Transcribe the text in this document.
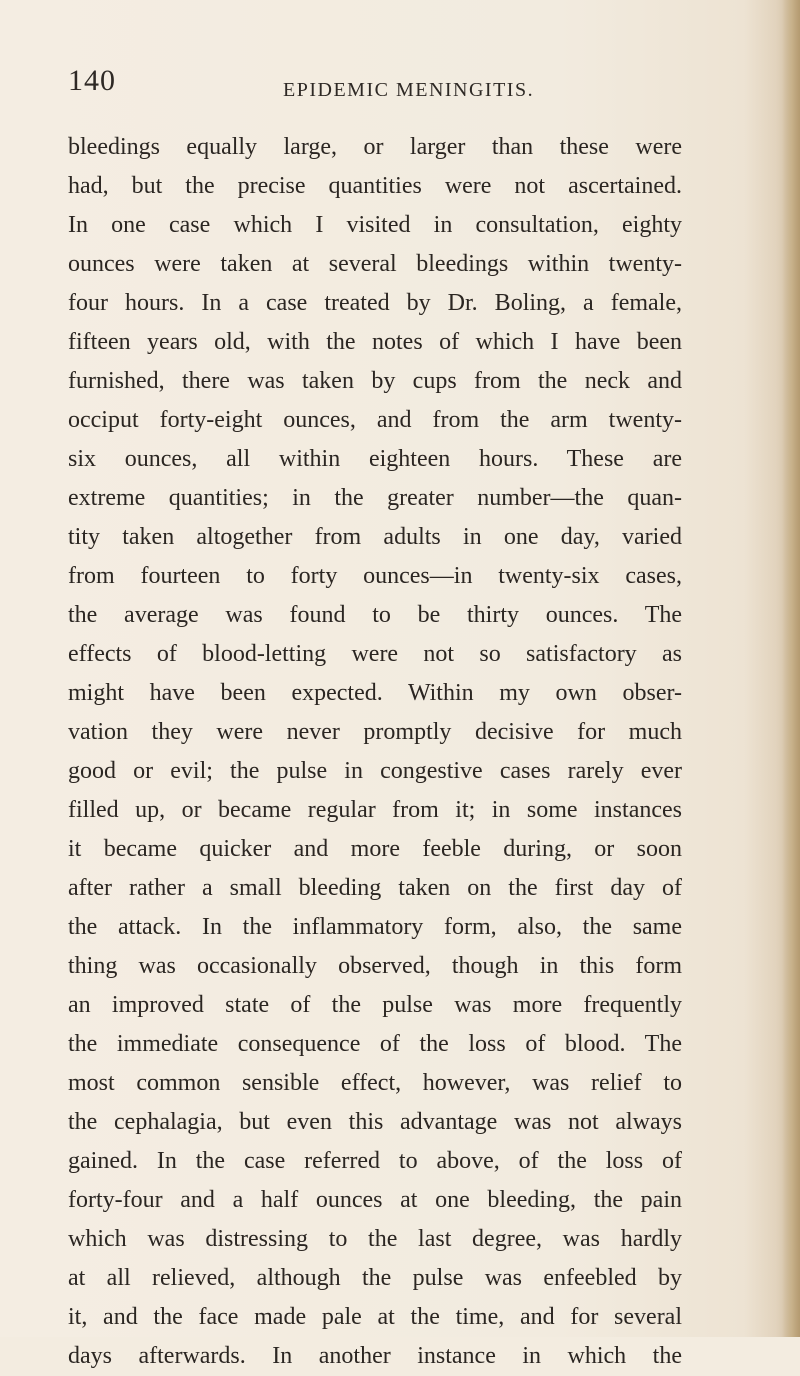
140	EPIDEMIC MENINGITIS.
bleedings equally large, or larger than these were
had, but the precise quantities were not ascertained.
In one case which I visited in consultation, eighty
ounces were taken at several bleedings within twenty-
four hours. In a case treated by Dr. Boling, a female,
fifteen years old, with the notes of which I have been
furnished, there was taken by cups from the neck and
occiput forty-eight ounces, and from the arm twenty-
six ounces, all within eighteen hours. These are
extreme quantities; in the greater number—the quan-
tity taken altogether from adults in one day, varied
from fourteen to forty ounces—in twenty-six cases,
the average was found to be thirty ounces. The
effects of blood-letting were not so satisfactory as
might have been expected. Within my own obser-
vation they were never promptly decisive for much
good or evil; the pulse in congestive cases rarely ever
filled up, or became regular from it; in some instances
it became quicker and more feeble during, or soon
after rather a small bleeding taken on the first day of
the attack. In the inflammatory form, also, the same
thing was occasionally observed, though in this form
an improved state of the pulse was more frequently
the immediate consequence of the loss of blood. The
most common sensible effect, however, was relief to
the cephalagia, but even this advantage was not always
gained. In the case referred to above, of the loss of
forty-four and a half ounces at one bleeding, the pain
which was distressing to the last degree, was hardly
at all relieved, although the pulse was enfeebled by
it, and the face made pale at the time, and for several
days afterwards. In another instance in which the
